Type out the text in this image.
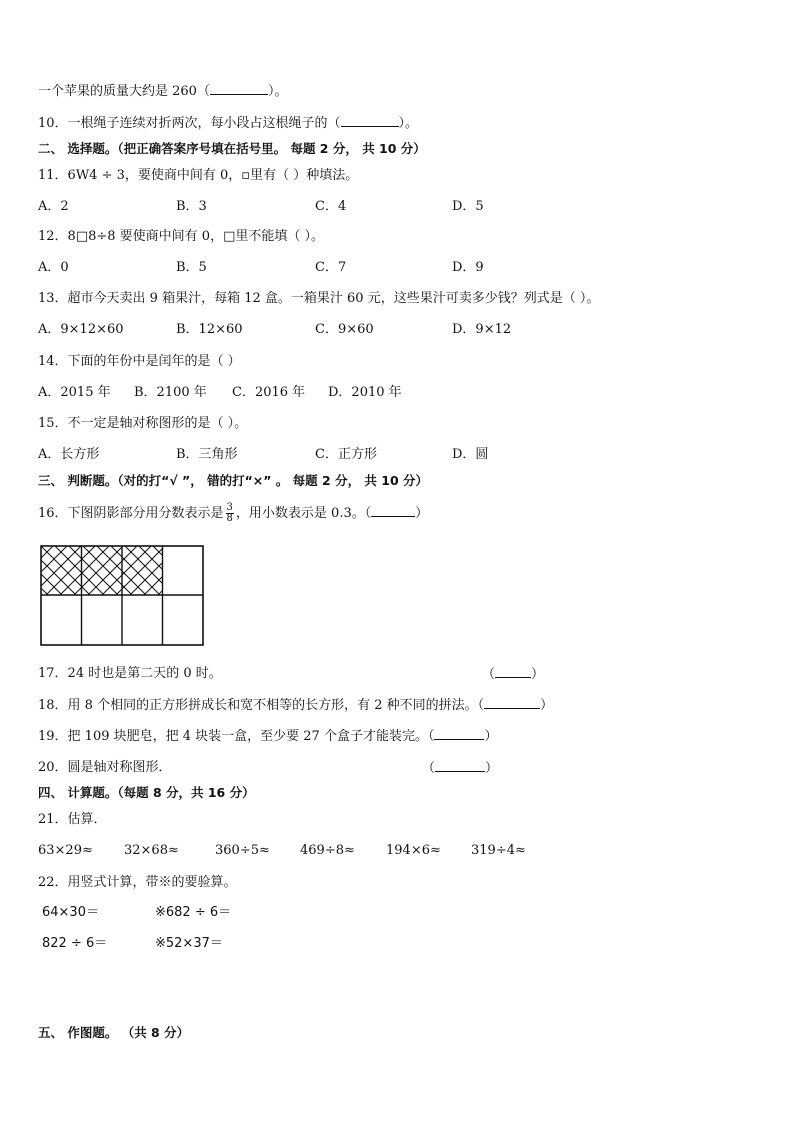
一个苹果的质量大约是 260（	）。
10．一根绳子连续对折两次，每小段占这根绳子的（	）。
二、 选择题。（把正确答案序号填在括号里。 每题 2 分， 共 10 分）
11．6W4 ÷ 3，要使商中间有 0，▫里有（ ）种填法。
A．2	B．3	C．4	D．5
12．8□8÷8 要使商中间有 0，□里不能填（ ）。
A．0	B．5	C．7	D．9
13．超市今天卖出 9 箱果汁，每箱 12 盒。一箱果汁 60 元，这些果汁可卖多少钱？列式是（ ）。
A．9×12×60	B．12×60	C．9×60	D．9×12
14．下面的年份中是闰年的是（ ）
A．2015 年 B．2100 年 C．2016 年 D．2010 年
15．不一定是轴对称图形的是（ ）。
A．长方形	B．三角形	C．正方形	D．圆
三、 判断题。（对的打“√ ”， 错的打“×” 。 每题 2 分， 共 10 分）
16．下图阴影部分用分数表示是 $\frac{3}{8}$ ，用小数表示是 0.3。（	）
17．24 时也是第二天的 0 时。	（	）
18．用 8 个相同的正方形拼成长和宽不相等的长方形，有 2 种不同的拼法。（	）
19．把 109 块肥皂，把 4 块装一盒，至少要 27 个盒子才能装完。（	）
20．圆是轴对称图形．	（	）
四、 计算题。（每题 8 分，共 16 分）
21．估算．
63×29≈ 32×68≈	360÷5≈ 469÷8≈ 194×6≈ 319÷4≈
22．用竖式计算，带※的要验算。
64×30＝	※682 ÷ 6＝
822 ÷ 6＝	※52×37＝
五、 作图题。 （共 8 分）
